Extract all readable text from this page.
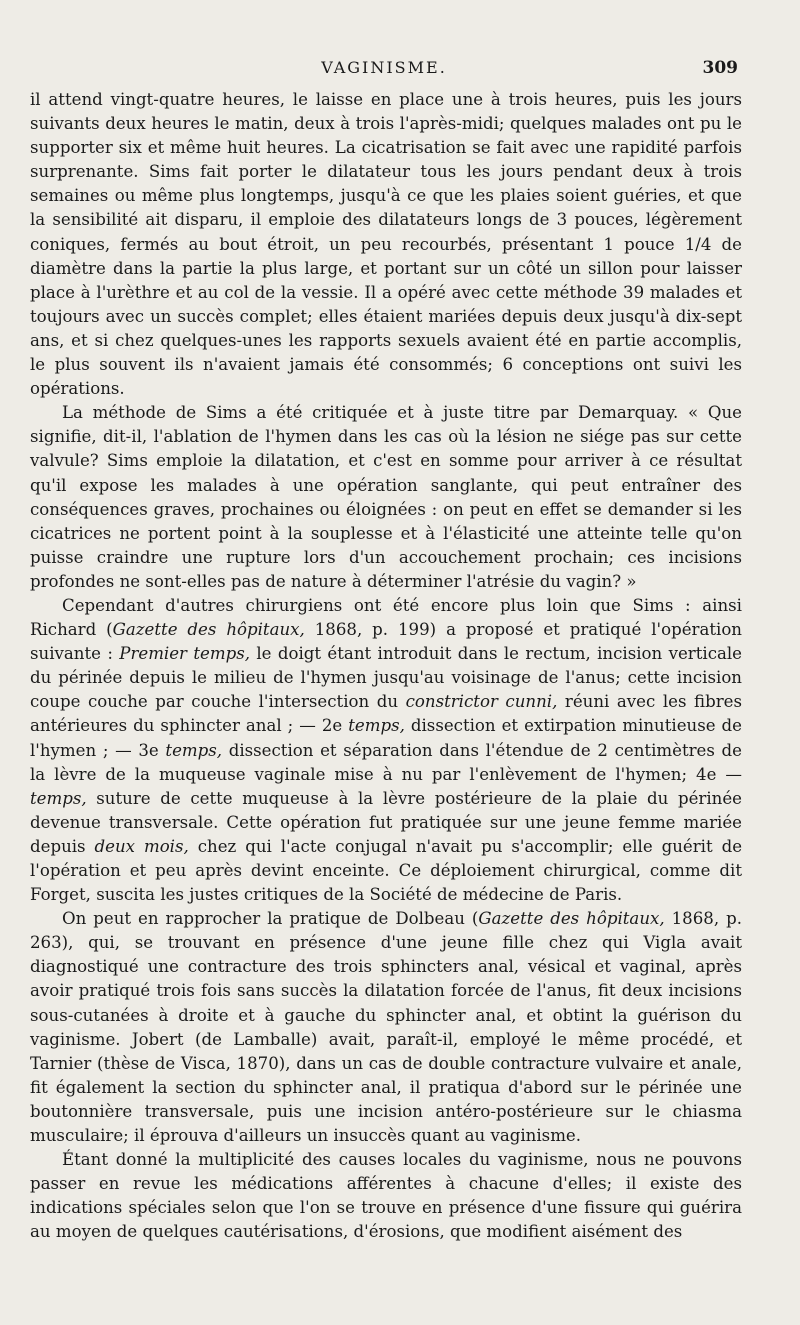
VAGINISME.	309

il attend vingt-quatre heures, le laisse en place une à trois heures, puis les jours suivants deux heures le matin, deux à trois l'après-midi; quelques malades ont pu le supporter six et même huit heures. La cicatrisation se fait avec une rapidité parfois surprenante. Sims fait porter le dilatateur tous les jours pendant deux à trois semaines ou même plus longtemps, jusqu'à ce que les plaies soient guéries, et que la sensibilité ait disparu, il emploie des dilatateurs longs de 3 pouces, légèrement coniques, fermés au bout étroit, un peu recourbés, présentant 1 pouce 1/4 de diamètre dans la partie la plus large, et portant sur un côté un sillon pour laisser place à l'urèthre et au col de la vessie. Il a opéré avec cette méthode 39 malades et toujours avec un succès complet; elles étaient mariées depuis deux jusqu'à dix-sept ans, et si chez quelques-unes les rapports sexuels avaient été en partie accomplis, le plus souvent ils n'avaient jamais été consommés; 6 conceptions ont suivi les opérations.

La méthode de Sims a été critiquée et à juste titre par Demarquay. « Que signifie, dit-il, l'ablation de l'hymen dans les cas où la lésion ne siége pas sur cette valvule? Sims emploie la dilatation, et c'est en somme pour arriver à ce résultat qu'il expose les malades à une opération sanglante, qui peut entraîner des conséquences graves, prochaines ou éloignées : on peut en effet se demander si les cicatrices ne portent point à la souplesse et à l'élasticité une atteinte telle qu'on puisse craindre une rupture lors d'un accouchement prochain; ces incisions profondes ne sont-elles pas de nature à déterminer l'atrésie du vagin? »

Cependant d'autres chirurgiens ont été encore plus loin que Sims : ainsi Richard (Gazette des hôpitaux, 1868, p. 199) a proposé et pratiqué l'opération suivante : Premier temps, le doigt étant introduit dans le rectum, incision verticale du périnée depuis le milieu de l'hymen jusqu'au voisinage de l'anus; cette incision coupe couche par couche l'intersection du constrictor cunni, réuni avec les fibres antérieures du sphincter anal ; — 2e temps, dissection et extirpation minutieuse de l'hymen ; — 3e temps, dissection et séparation dans l'étendue de 2 centimètres de la lèvre de la muqueuse vaginale mise à nu par l'enlèvement de l'hymen; 4e — temps, suture de cette muqueuse à la lèvre postérieure de la plaie du périnée devenue transversale. Cette opération fut pratiquée sur une jeune femme mariée depuis deux mois, chez qui l'acte conjugal n'avait pu s'accomplir; elle guérit de l'opération et peu après devint enceinte. Ce déploiement chirurgical, comme dit Forget, suscita les justes critiques de la Société de médecine de Paris.

On peut en rapprocher la pratique de Dolbeau (Gazette des hôpitaux, 1868, p. 263), qui, se trouvant en présence d'une jeune fille chez qui Vigla avait diagnostiqué une contracture des trois sphincters anal, vésical et vaginal, après avoir pratiqué trois fois sans succès la dilatation forcée de l'anus, fit deux incisions sous-cutanées à droite et à gauche du sphincter anal, et obtint la guérison du vaginisme. Jobert (de Lamballe) avait, paraît-il, employé le même procédé, et Tarnier (thèse de Visca, 1870), dans un cas de double contracture vulvaire et anale, fit également la section du sphincter anal, il pratiqua d'abord sur le périnée une boutonnière transversale, puis une incision antéro-postérieure sur le chiasma musculaire; il éprouva d'ailleurs un insuccès quant au vaginisme.

Étant donné la multiplicité des causes locales du vaginisme, nous ne pouvons passer en revue les médications afférentes à chacune d'elles; il existe des indications spéciales selon que l'on se trouve en présence d'une fissure qui guérira au moyen de quelques cautérisations, d'érosions, que modifient aisément des
